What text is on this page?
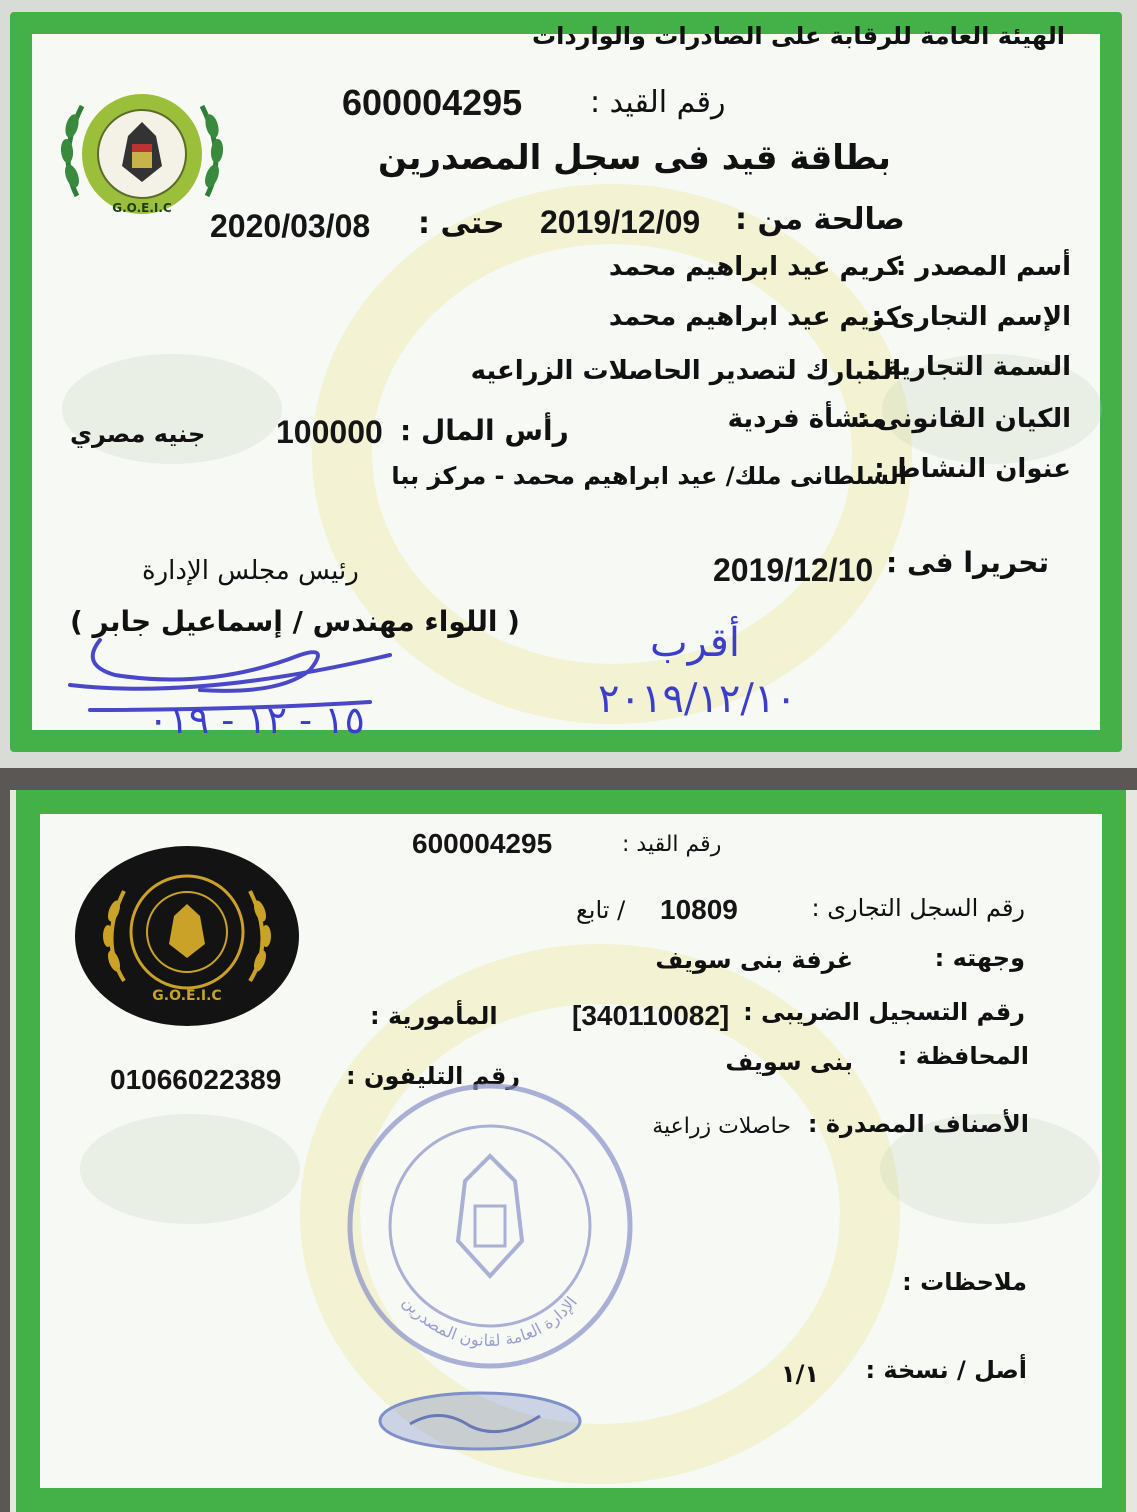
الهيئة العامة للرقابة على الصادرات والواردات
G.O.E.I.C
رقم القيد :
600004295
بطاقة قيد فى سجل المصدرين
صالحة من :
2019/12/09
حتى :
2020/03/08
أسم المصدر :
كريم عيد ابراهيم محمد
الإسم التجارى :
كريم عيد ابراهيم محمد
السمة التجارية :
المبارك لتصدير الحاصلات الزراعيه
الكيان القانونى :
منشأة فردية
رأس المال :
100000
جنيه مصري
عنوان النشاط :
السلطانى ملك/ عيد ابراهيم محمد - مركز ببا
تحريرا فى :
2019/12/10
رئيس مجلس الإدارة
( اللواء مهندس / إسماعيل جابر )
١٥ - ١٢ - ٠١٩
أقرب
٢٠١٩/١٢/١٠
G.O.E.I.C
رقم القيد :
600004295
رقم السجل التجارى :
10809
/ تابع
وجهته :
غرفة بنى سويف
رقم التسجيل الضريبى :
[340110082]
المأمورية :
المحافظة :
بنى سويف
رقم التليفون :
01066022389
الأصناف المصدرة :
حاصلات زراعية
الإدارة العامة لقانون المصدرين
ملاحظات :
أصل / نسخة :
١/١
